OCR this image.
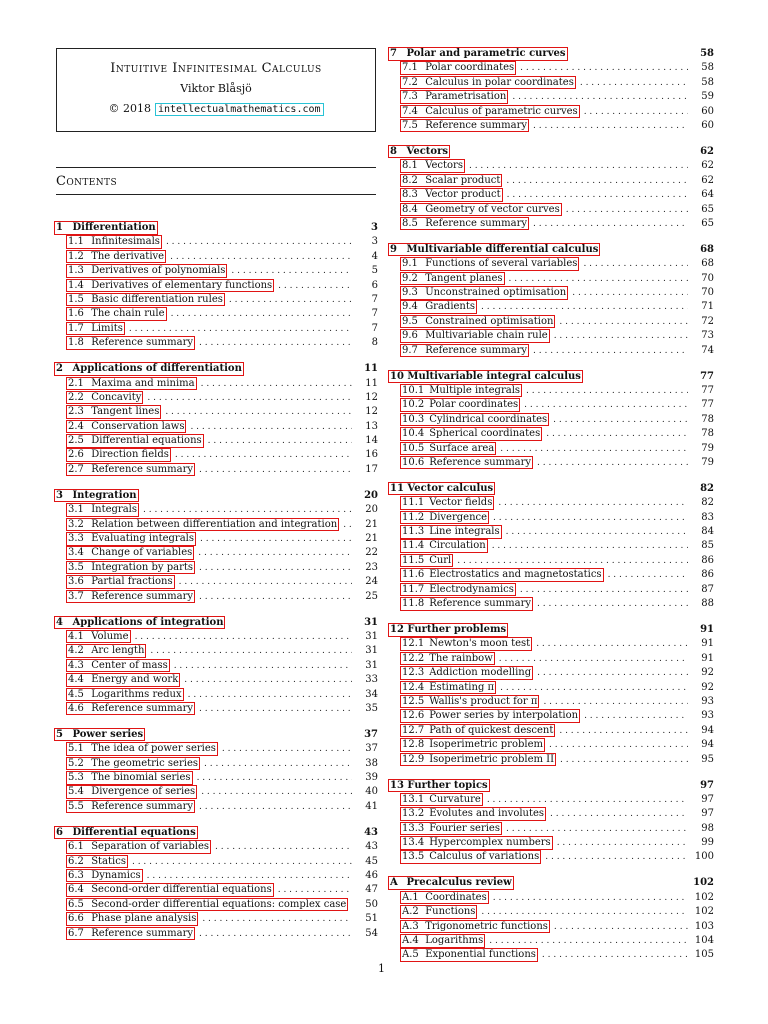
Intuitive Infinitesimal Calculus
Viktor Blåsjö
© 2018 intellectualmathematics.com
Contents
1 Differentiation	3
1.1 Infinitesimals . . .	3
1.2 The derivative . . .	4
1.3 Derivatives of polynomials . . .	5
1.4 Derivatives of elementary functions . . .	6
1.5 Basic differentiation rules . . .	7
1.6 The chain rule . . .	7
1.7 Limits . . .	7
1.8 Reference summary . . .	8
2 Applications of differentiation	11
2.1 Maxima and minima . . .	11
2.2 Concavity . . .	12
2.3 Tangent lines . . .	12
2.4 Conservation laws . . .	13
2.5 Differential equations . . .	14
2.6 Direction fields . . .	16
2.7 Reference summary . . .	17
3 Integration	20
3.1 Integrals . . .	20
3.2 Relation between differentiation and integration . . .	21
3.3 Evaluating integrals . . .	21
3.4 Change of variables . . .	22
3.5 Integration by parts . . .	23
3.6 Partial fractions . . .	24
3.7 Reference summary . . .	25
4 Applications of integration	31
4.1 Volume . . .	31
4.2 Arc length . . .	31
4.3 Center of mass . . .	31
4.4 Energy and work . . .	33
4.5 Logarithms redux . . .	34
4.6 Reference summary . . .	35
5 Power series	37
5.1 The idea of power series . . .	37
5.2 The geometric series . . .	38
5.3 The binomial series . . .	39
5.4 Divergence of series . . .	40
5.5 Reference summary . . .	41
6 Differential equations	43
6.1 Separation of variables . . .	43
6.2 Statics . . .	45
6.3 Dynamics . . .	46
6.4 Second-order differential equations . . .	47
6.5 Second-order differential equations: complex case	50
6.6 Phase plane analysis . . .	51
6.7 Reference summary . . .	54
7 Polar and parametric curves	58
7.1 Polar coordinates . . .	58
7.2 Calculus in polar coordinates . . .	58
7.3 Parametrisation . . .	59
7.4 Calculus of parametric curves . . .	60
7.5 Reference summary . . .	60
8 Vectors	62
8.1 Vectors . . .	62
8.2 Scalar product . . .	62
8.3 Vector product . . .	64
8.4 Geometry of vector curves . . .	65
8.5 Reference summary . . .	65
9 Multivariable differential calculus	68
9.1 Functions of several variables . . .	68
9.2 Tangent planes . . .	70
9.3 Unconstrained optimisation . . .	70
9.4 Gradients . . .	71
9.5 Constrained optimisation . . .	72
9.6 Multivariable chain rule . . .	73
9.7 Reference summary . . .	74
10 Multivariable integral calculus	77
10.1 Multiple integrals . . .	77
10.2 Polar coordinates . . .	77
10.3 Cylindrical coordinates . . .	78
10.4 Spherical coordinates . . .	78
10.5 Surface area . . .	79
10.6 Reference summary . . .	79
11 Vector calculus	82
11.1 Vector fields . . .	82
11.2 Divergence . . .	83
11.3 Line integrals . . .	84
11.4 Circulation . . .	85
11.5 Curl . . .	86
11.6 Electrostatics and magnetostatics . . .	86
11.7 Electrodynamics . . .	87
11.8 Reference summary . . .	88
12 Further problems	91
12.1 Newton's moon test . . .	91
12.2 The rainbow . . .	91
12.3 Addiction modelling . . .	92
12.4 Estimating π . . .	92
12.5 Wallis's product for π . . .	93
12.6 Power series by interpolation . . .	93
12.7 Path of quickest descent . . .	94
12.8 Isoperimetric problem . . .	94
12.9 Isoperimetric problem II . . .	95
13 Further topics	97
13.1 Curvature . . .	97
13.2 Evolutes and involutes . . .	97
13.3 Fourier series . . .	98
13.4 Hypercomplex numbers . . .	99
13.5 Calculus of variations . . .	100
A Precalculus review	102
A.1 Coordinates . . .	102
A.2 Functions . . .	102
A.3 Trigonometric functions . . .	103
A.4 Logarithms . . .	104
A.5 Exponential functions . . .	105
1
